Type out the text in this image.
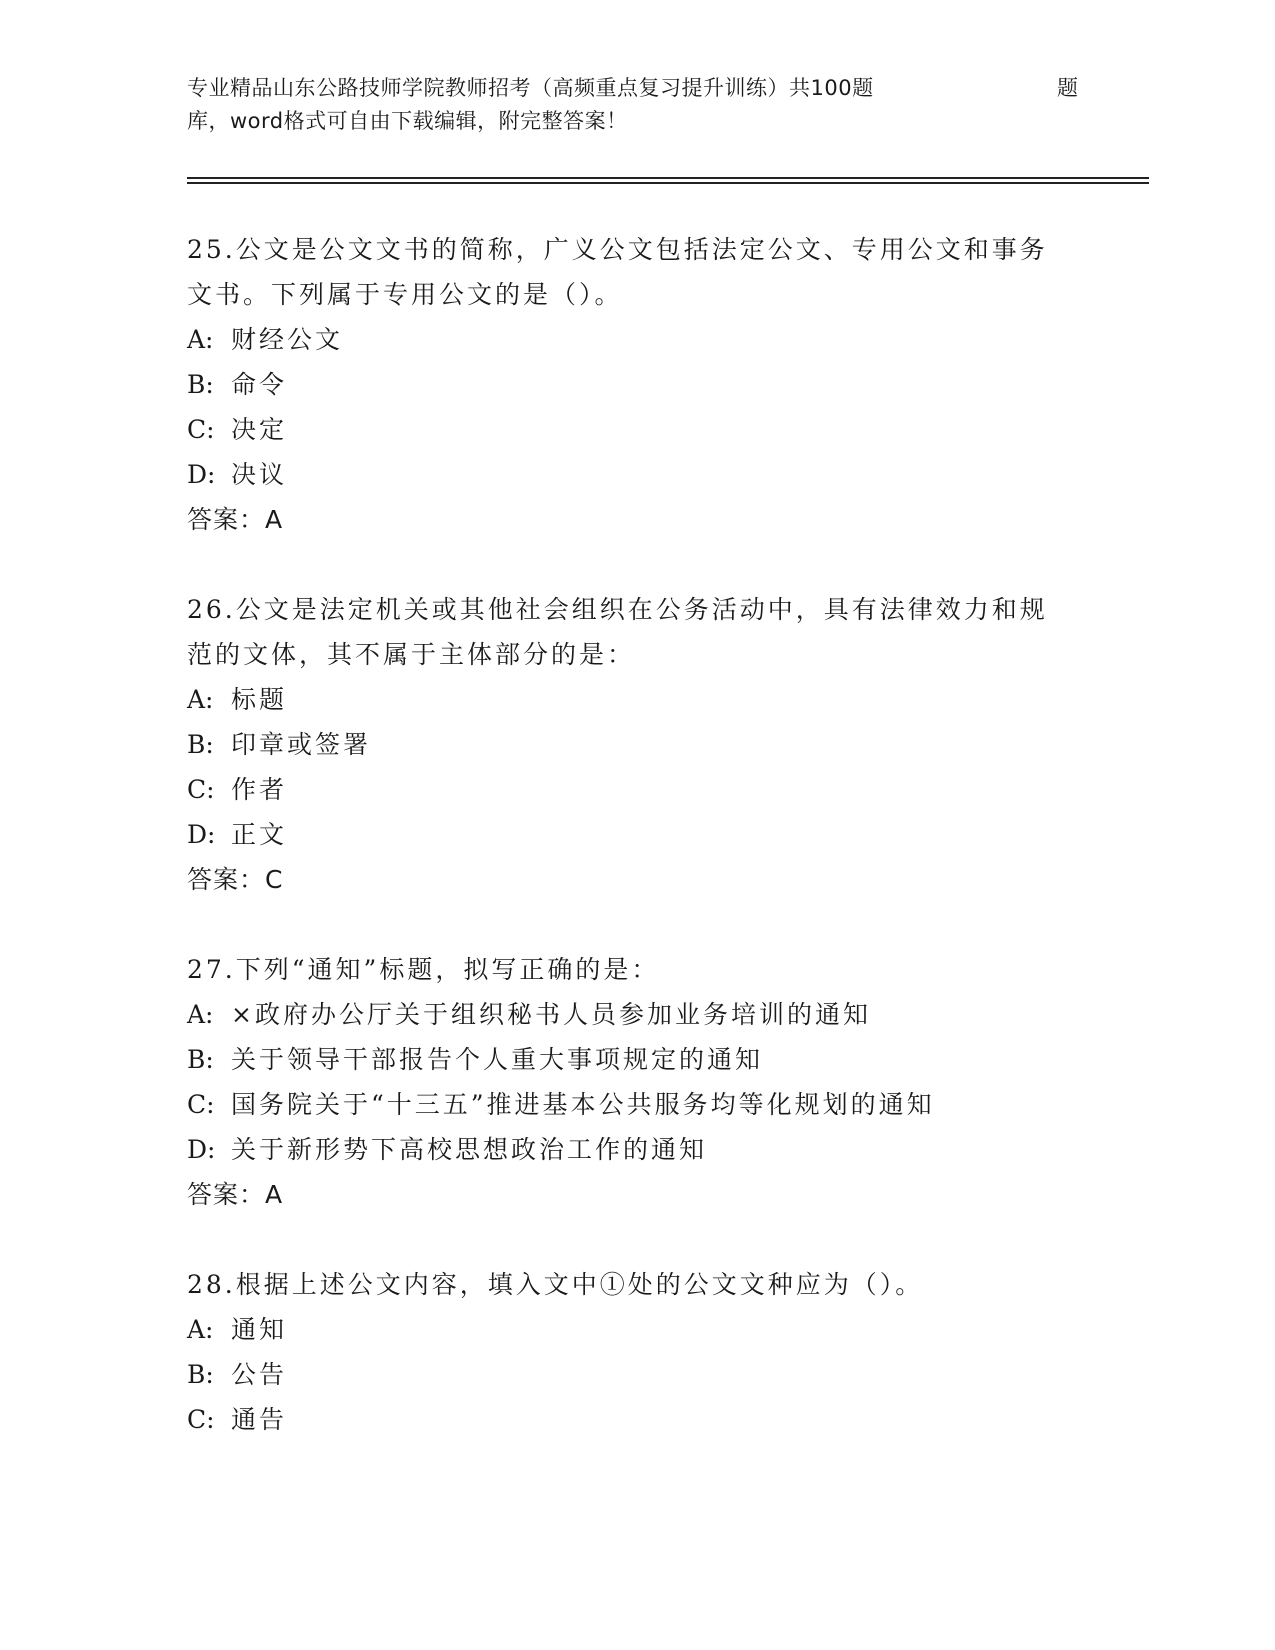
专业精品山东公路技师学院教师招考（高频重点复习提升训练）共100题	题
库，word格式可自由下载编辑，附完整答案！
25.公文是公文文书的简称，广义公文包括法定公文、专用公文和事务
文书。下列属于专用公文的是（）。
A: 财经公文
B: 命令
C: 决定
D: 决议
答案：A
26.公文是法定机关或其他社会组织在公务活动中，具有法律效力和规
范的文体，其不属于主体部分的是：
A: 标题
B: 印章或签署
C: 作者
D: 正文
答案：C
27.下列“通知”标题，拟写正确的是：
A: ×政府办公厅关于组织秘书人员参加业务培训的通知
B: 关于领导干部报告个人重大事项规定的通知
C: 国务院关于“十三五”推进基本公共服务均等化规划的通知
D: 关于新形势下高校思想政治工作的通知
答案：A
28.根据上述公文内容，填入文中①处的公文文种应为（）。
A: 通知
B: 公告
C: 通告
